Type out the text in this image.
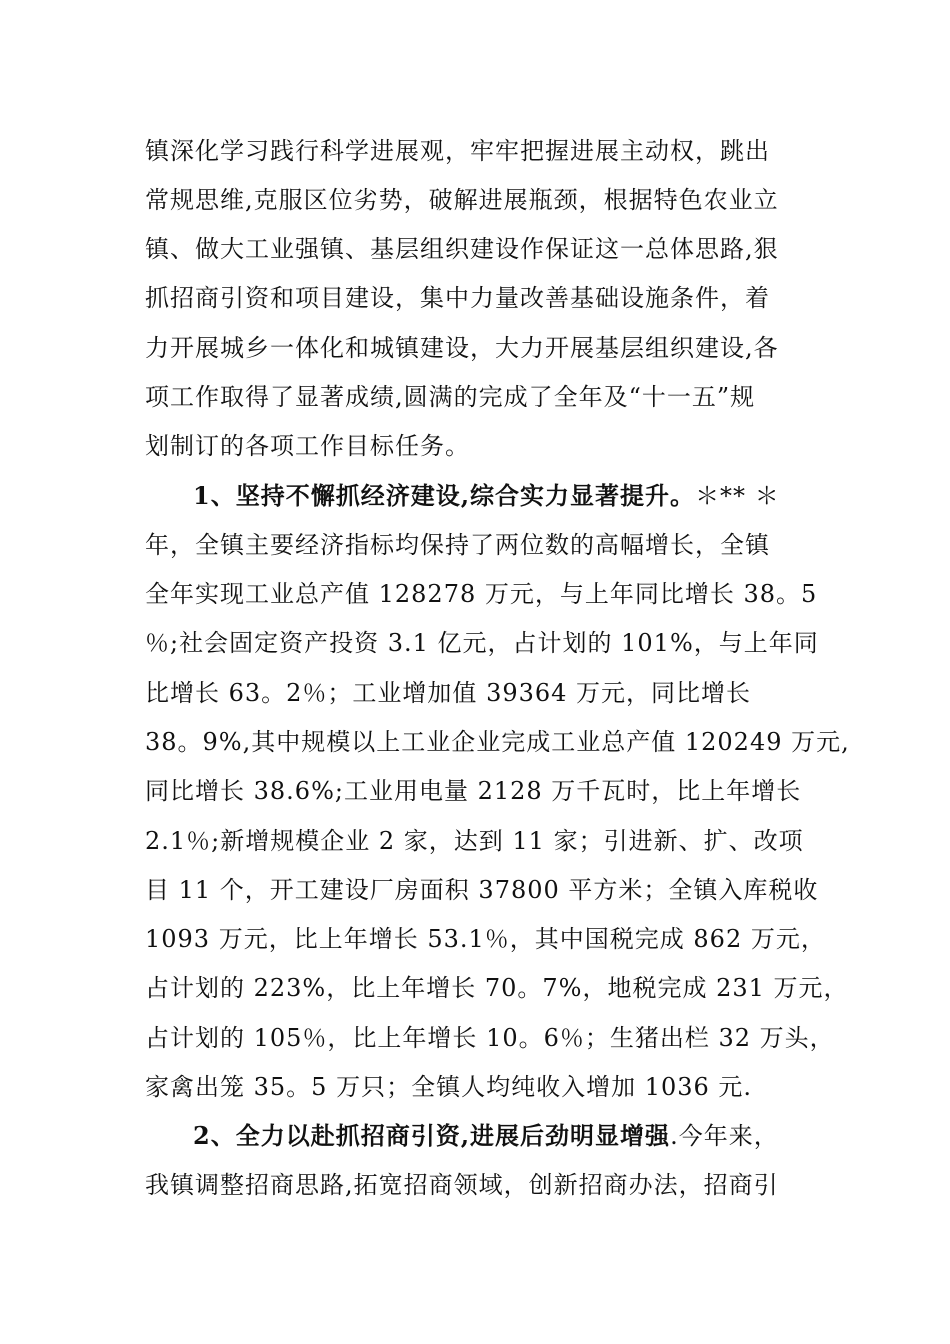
镇深化学习践行科学进展观，牢牢把握进展主动权，跳出
常规思维,克服区位劣势，破解进展瓶颈，根据特色农业立
镇、做大工业强镇、基层组织建设作保证这一总体思路,狠
抓招商引资和项目建设，集中力量改善基础设施条件，着
力开展城乡一体化和城镇建设，大力开展基层组织建设,各
项工作取得了显著成绩,圆满的完成了全年及“十一五”规
划制订的各项工作目标任务。
1、坚持不懈抓经济建设,综合实力显著提升。＊** ＊
年，全镇主要经济指标均保持了两位数的高幅增长，全镇
全年实现工业总产值 128278 万元，与上年同比增长 38。5
％;社会固定资产投资 3.1 亿元，占计划的 101%，与上年同
比增长 63。2％；工业增加值 39364 万元，同比增长
38。9%,其中规模以上工业企业完成工业总产值 120249 万元,
同比增长 38.6%;工业用电量 2128 万千瓦时，比上年增长
2.1％;新增规模企业 2 家，达到 11 家；引进新、扩、改项
目 11 个，开工建设厂房面积 37800 平方米；全镇入库税收
1093 万元，比上年增长 53.1％，其中国税完成 862 万元，
占计划的 223%，比上年增长 70。7%，地税完成 231 万元，
占计划的 105％，比上年增长 10。6％；生猪出栏 32 万头，
家禽出笼 35。5 万只；全镇人均纯收入增加 1036 元.
2、全力以赴抓招商引资,进展后劲明显增强.今年来，
我镇调整招商思路,拓宽招商领域，创新招商办法，招商引
